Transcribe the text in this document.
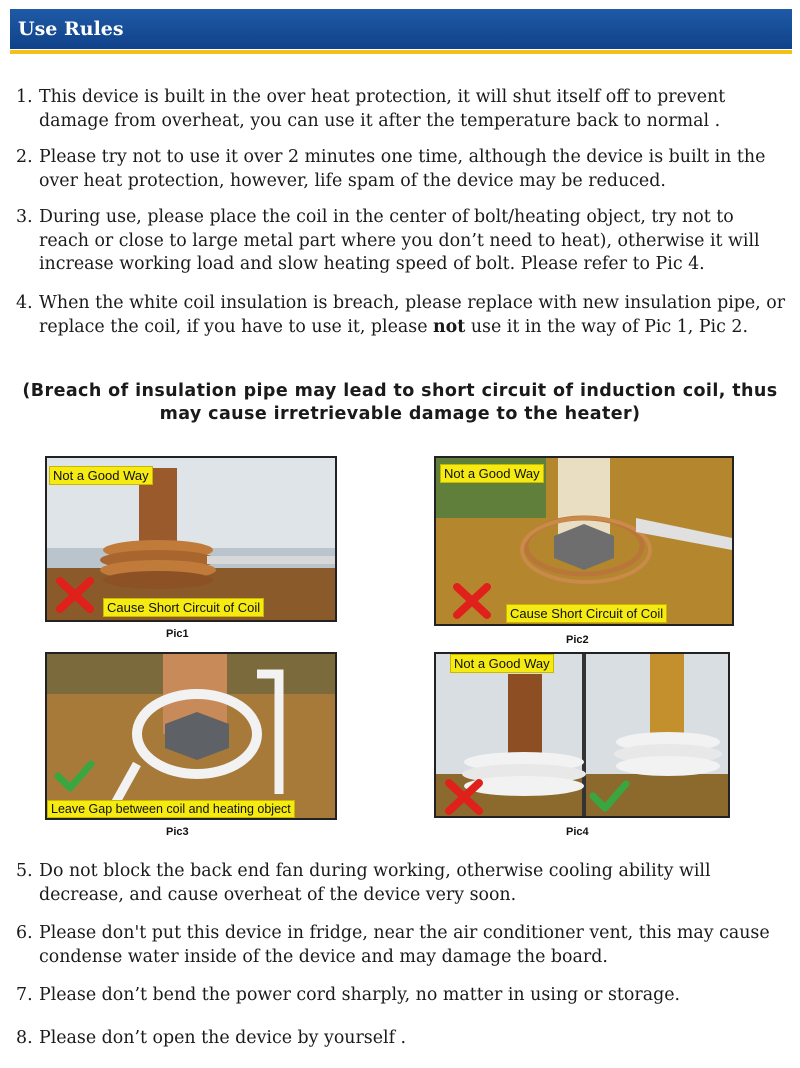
Use Rules
1. This device is built in the over heat protection, it will shut itself off to prevent damage from overheat, you can use it after the temperature back to normal .
2. Please try not to use it over 2 minutes one time, although the device is built in the over heat protection, however, life spam of the device may be reduced.
3. During use, please place the coil in the center of bolt/heating object, try not to reach or close to large metal part where you don’t need to heat), otherwise it will increase working load and slow heating speed of bolt. Please refer to Pic 4.
4. When the white coil insulation is breach, please replace with new insulation pipe, or replace the coil, if you have to use it, please not use it in the way of Pic 1, Pic 2.
(Breach of insulation pipe may lead to short circuit of induction coil, thus may cause irretrievable damage to the heater)
Not a Good Way
Cause Short Circuit of Coil
Pic1
Not a Good Way
Cause Short Circuit of Coil
Pic2
Leave Gap between coil and heating object
Pic3
Not a Good Way
Pic4
5. Do not block the back end fan during working, otherwise cooling ability will decrease, and cause overheat of the device very soon.
6. Please don't put this device in fridge, near the air conditioner vent, this may cause condense water inside of the device and may damage the board.
7. Please don’t bend the power cord sharply, no matter in using or storage.
8. Please don’t open the device by yourself .
